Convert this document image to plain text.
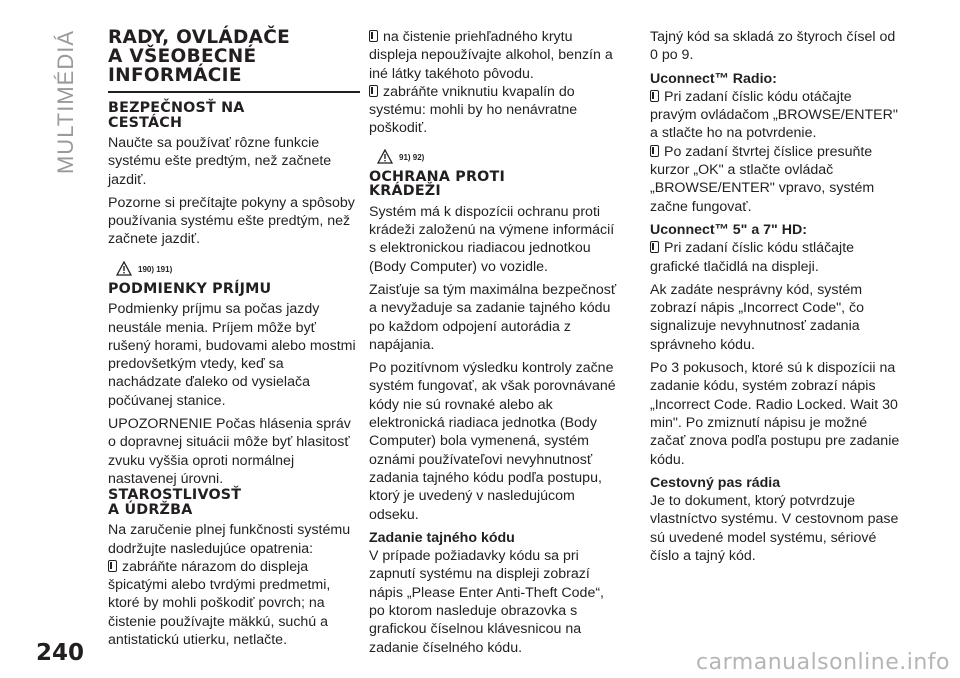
MULTIMÉDIÁ RADY, OVLÁDAČE
A VŠEOBECNÉ
INFORMÁCIE
BEZPEČNOSŤ NA
CESTÁCH

Naučte sa používať rôzne funkcie systému ešte predtým, než začnete jazdiť.

Pozorne si prečítajte pokyny a spôsoby používania systému ešte predtým, než začnete jazdiť.

190) 191)
PODMIENKY PRÍJMU

Podmienky príjmu sa počas jazdy neustále menia. Príjem môže byť rušený horami, budovami alebo mostmi predovšetkým vtedy, keď sa nachádzate ďaleko od vysielača počúvanej stanice.

UPOZORNENIE Počas hlásenia správ o dopravnej situácii môže byť hlasitosť zvuku vyššia oproti normálnej nastavenej úrovni.

STAROSTLIVOSŤ
A ÚDRŽBA

Na zaručenie plnej funkčnosti systému dodržujte nasledujúce opatrenia:

zabráňte nárazom do displeja špicatými alebo tvrdými predmetmi, ktoré by mohli poškodiť povrch; na čistenie používajte mäkkú, suchú a antistatickú utierku, netlačte.
na čistenie priehľadného krytu displeja nepoužívajte alkohol, benzín a iné látky takéhoto pôvodu.
zabráňte vniknutiu kvapalín do systému: mohli by ho nenávratne poškodiť.
91) 92)
OCHRANA PROTI
KRÁDEŽI

Systém má k dispozícii ochranu proti krádeži založenú na výmene informácií s elektronickou riadiacou jednotkou (Body Computer) vo vozidle.

Zaisťuje sa tým maximálna bezpečnosť a nevyžaduje sa zadanie tajného kódu po každom odpojení autorádia z napájania.

Po pozitívnom výsledku kontroly začne systém fungovať, ak však porovnávané kódy nie sú rovnaké alebo ak elektronická riadiaca jednotka (Body Computer) bola vymenená, systém oznámi používateľovi nevyhnutnosť zadania tajného kódu podľa postupu, ktorý je uvedený v nasledujúcom odseku.

Zadanie tajného kódu

V prípade požiadavky kódu sa pri zapnutí systému na displeji zobrazí nápis „Please Enter Anti-Theft Code“, po ktorom nasleduje obrazovka s grafickou číselnou klávesnicou na zadanie číselného kódu.

Tajný kód sa skladá zo štyroch čísel od 0 po 9.

Uconnect™ Radio:
Pri zadaní číslic kódu otáčajte pravým ovládačom „BROWSE/ENTER" a stlačte ho na potvrdenie.
Po zadaní štvrtej číslice presuňte kurzor „OK" a stlačte ovládač „BROWSE/ENTER" vpravo, systém začne fungovať.
Uconnect™ 5" a 7" HD:
Pri zadaní číslic kódu stláčajte grafické tlačidlá na displeji.

Ak zadáte nesprávny kód, systém zobrazí nápis „Incorrect Code", čo signalizuje nevyhnutnosť zadania správneho kódu.

Po 3 pokusoch, ktoré sú k dispozícii na zadanie kódu, systém zobrazí nápis „Incorrect Code. Radio Locked. Wait 30 min". Po zmiznutí nápisu je možné začať znova podľa postupu pre zadanie kódu.

Cestovný pas rádia

Je to dokument, ktorý potvrdzuje vlastníctvo systému. V cestovnom pase sú uvedené model systému, sériové číslo a tajný kód.

240	carmanualsonline.info
